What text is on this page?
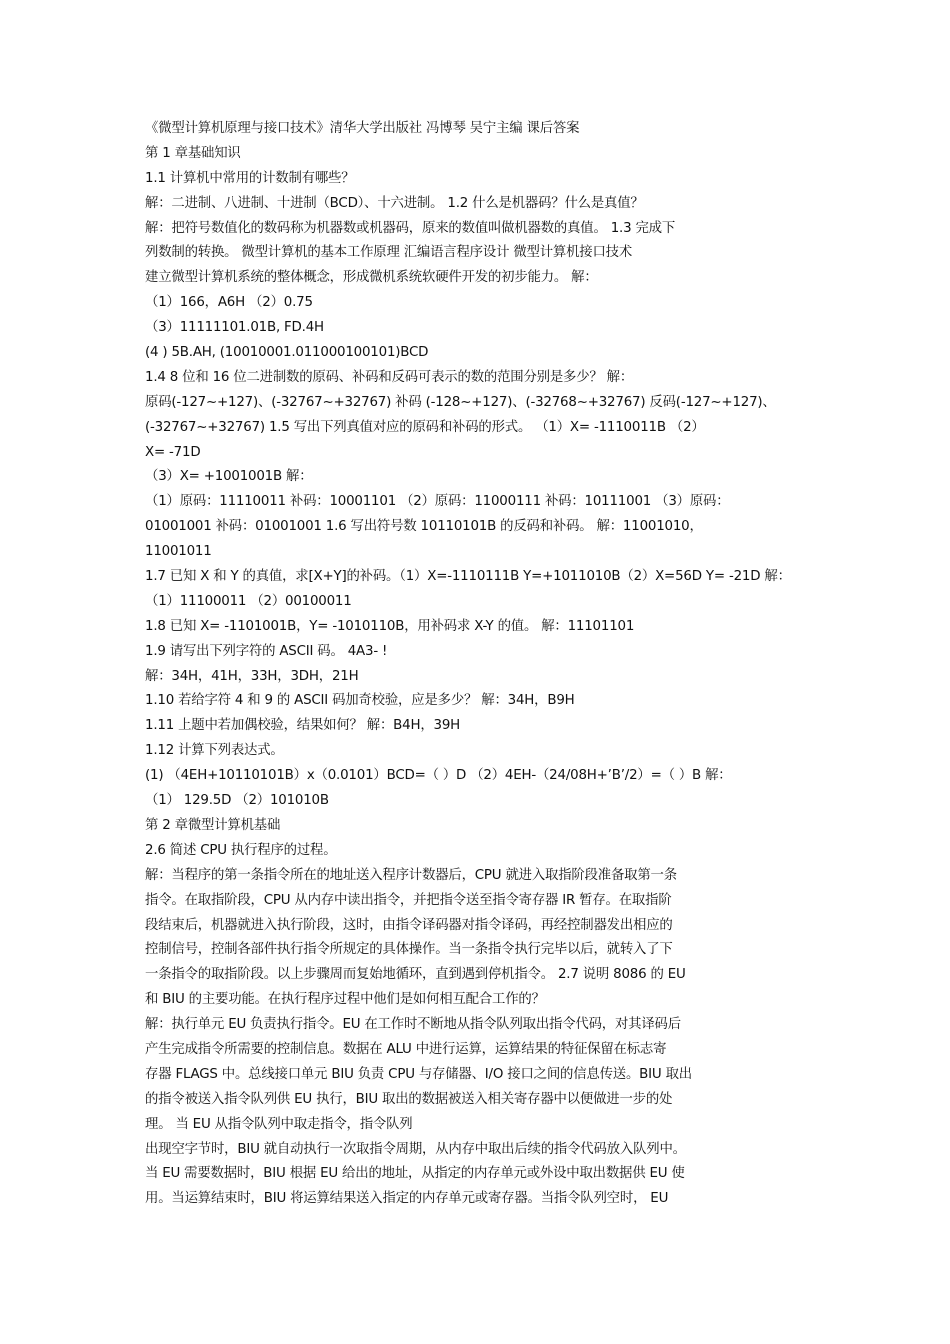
《微型计算机原理与接口技术》清华大学出版社 冯博琴 吴宁主编 课后答案
第 1 章基础知识
1.1 计算机中常用的计数制有哪些？
解：二进制、八进制、十进制（BCD）、十六进制。 1.2 什么是机器码？什么是真值？
解：把符号数值化的数码称为机器数或机器码，原来的数值叫做机器数的真值。 1.3 完成下
列数制的转换。 微型计算机的基本工作原理 汇编语言程序设计 微型计算机接口技术
建立微型计算机系统的整体概念，形成微机系统软硬件开发的初步能力。 解：
（1）166，A6H （2）0.75
（3）11111101.01B, FD.4H
(4 ) 5B.AH, (10010001.011000100101)BCD
1.4 8 位和 16 位二进制数的原码、补码和反码可表示的数的范围分别是多少？ 解：
原码(-127~+127)、(-32767~+32767) 补码 (-128~+127)、(-32768~+32767) 反码(-127~+127)、
(-32767~+32767) 1.5 写出下列真值对应的原码和补码的形式。 （1）X= -1110011B （2）
X= -71D
（3）X= +1001001B 解：
（1）原码：11110011 补码：10001101 （2）原码：11000111 补码：10111001 （3）原码：
01001001 补码：01001001 1.6 写出符号数 10110101B 的反码和补码。 解：11001010，
11001011
1.7 已知 X 和 Y 的真值，求[X+Y]的补码。（1）X=-1110111B Y=+1011010B（2）X=56D Y= -21D 解：
（1）11100011 （2）00100011
1.8 已知 X= -1101001B，Y= -1010110B，用补码求 X-Y 的值。 解：11101101
1.9 请写出下列字符的 ASCII 码。 4A3- !
解：34H，41H，33H，3DH，21H
1.10 若给字符 4 和 9 的 ASCII 码加奇校验，应是多少？ 解：34H，B9H
1.11 上题中若加偶校验，结果如何？ 解：B4H，39H
1.12 计算下列表达式。
(1) （4EH+10110101B）x（0.0101）BCD=（ ）D （2）4EH-（24/08H+’B’/2）=（ ）B 解：
（1） 129.5D （2）101010B
第 2 章微型计算机基础
2.6 简述 CPU 执行程序的过程。
解：当程序的第一条指令所在的地址送入程序计数器后，CPU 就进入取指阶段准备取第一条
指令。在取指阶段，CPU 从内存中读出指令，并把指令送至指令寄存器 IR 暂存。在取指阶
段结束后，机器就进入执行阶段，这时，由指令译码器对指令译码，再经控制器发出相应的
控制信号，控制各部件执行指令所规定的具体操作。当一条指令执行完毕以后，就转入了下
一条指令的取指阶段。以上步骤周而复始地循环，直到遇到停机指令。 2.7 说明 8086 的 EU
和 BIU 的主要功能。在执行程序过程中他们是如何相互配合工作的？
解：执行单元 EU 负责执行指令。EU 在工作时不断地从指令队列取出指令代码，对其译码后
产生完成指令所需要的控制信息。数据在 ALU 中进行运算，运算结果的特征保留在标志寄
存器 FLAGS 中。总线接口单元 BIU 负责 CPU 与存储器、I/O 接口之间的信息传送。BIU 取出
的指令被送入指令队列供 EU 执行，BIU 取出的数据被送入相关寄存器中以便做进一步的处
理。 当 EU 从指令队列中取走指令，指令队列
出现空字节时，BIU 就自动执行一次取指令周期，从内存中取出后续的指令代码放入队列中。
当 EU 需要数据时，BIU 根据 EU 给出的地址，从指定的内存单元或外设中取出数据供 EU 使
用。当运算结束时，BIU 将运算结果送入指定的内存单元或寄存器。当指令队列空时， EU
